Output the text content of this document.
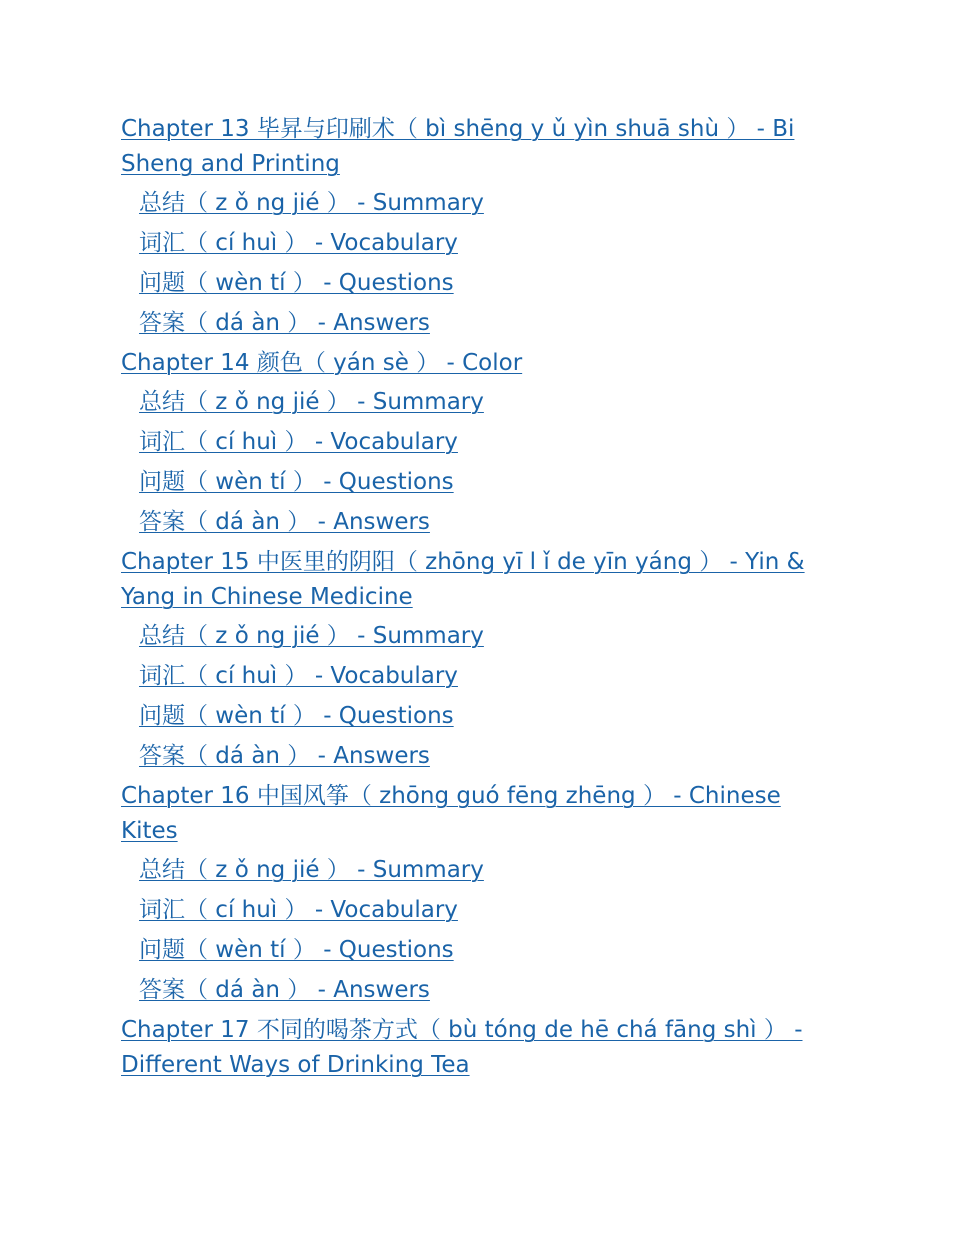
Chapter 13 毕昇与印刷术（ bì shēng y ǔ yìn shuā shù ） - Bi Sheng and Printing
总结（ z ǒ ng jié ） - Summary
词汇（ cí huì ） - Vocabulary
问题（ wèn tí ） - Questions
答案（ dá àn ） - Answers
Chapter 14 颜色（ yán sè ） - Color
总结（ z ǒ ng jié ） - Summary
词汇（ cí huì ） - Vocabulary
问题（ wèn tí ） - Questions
答案（ dá àn ） - Answers
Chapter 15 中医里的阴阳（ zhōng yī l ǐ de yīn yáng ） - Yin & Yang in Chinese Medicine
总结（ z ǒ ng jié ） - Summary
词汇（ cí huì ） - Vocabulary
问题（ wèn tí ） - Questions
答案（ dá àn ） - Answers
Chapter 16 中国风筝（ zhōng guó fēng zhēng ） - Chinese Kites
总结（ z ǒ ng jié ） - Summary
词汇（ cí huì ） - Vocabulary
问题（ wèn tí ） - Questions
答案（ dá àn ） - Answers
Chapter 17 不同的喝茶方式（ bù tóng de hē chá fāng shì ） - Different Ways of Drinking Tea
